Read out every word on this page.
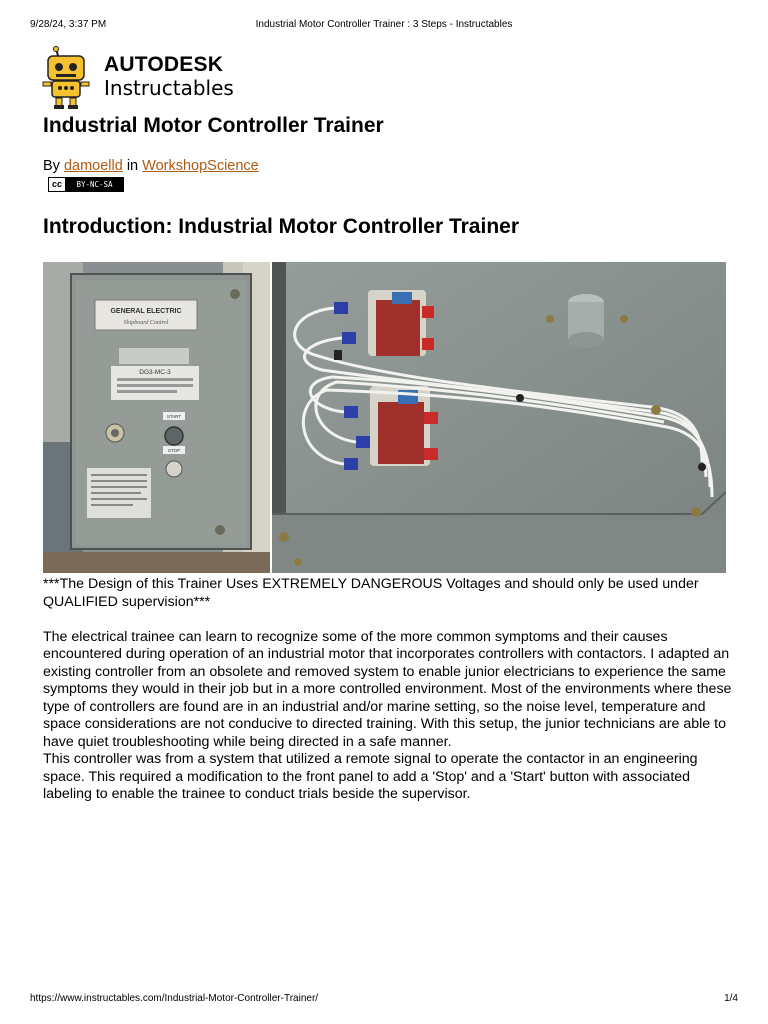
9/28/24, 3:37 PM	Industrial Motor Controller Trainer : 3 Steps - Instructables
AUTODESK
Instructables
Industrial Motor Controller Trainer
By damoelld in WorkshopScience
cc	BY-NC-SA
Introduction: Industrial Motor Controller Trainer
GENERAL ELECTRIC
Shipboard Control
DG3-MC-3
START
STOP

***The Design of this Trainer Uses EXTREMELY DANGEROUS Voltages and should only be used under QUALIFIED supervision***

The electrical trainee can learn to recognize some of the more common symptoms and their causes encountered during operation of an industrial motor that incorporates controllers with contactors. I adapted an existing controller from an obsolete and removed system to enable junior electricians to experience the same symptoms they would in their job but in a more controlled environment. Most of the environments where these type of controllers are found are in an industrial and/or marine setting, so the noise level, temperature and space considerations are not conducive to directed training. With this setup, the junior technicians are able to have quiet troubleshooting while being directed in a safe manner.

This controller was from a system that utilized a remote signal to operate the contactor in an engineering space. This required a modification to the front panel to add a 'Stop' and a 'Start' button with associated labeling to enable the trainee to conduct trials beside the supervisor.

https://www.instructables.com/Industrial-Motor-Controller-Trainer/	1/4
